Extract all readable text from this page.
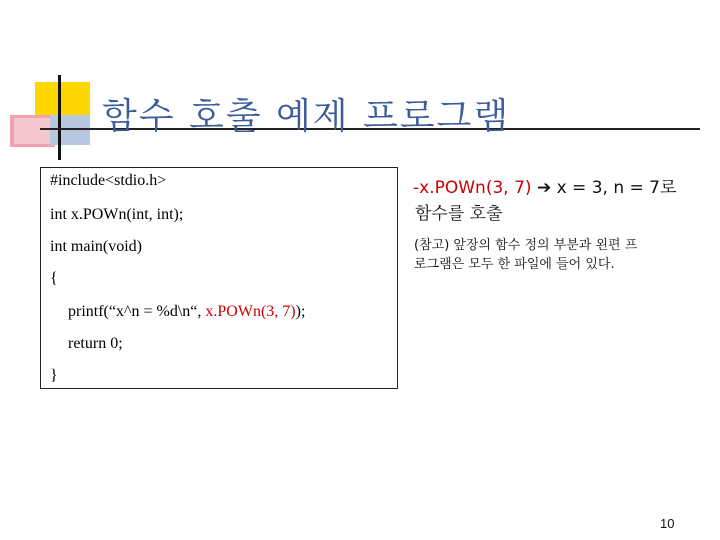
함수 호출 예제 프로그램
#include<stdio.h>
int x.POWn(int, int);
int main(void)
{
printf(“x^n = %d\n“, x.POWn(3, 7));
return 0;
}
-x.POWn(3, 7) ➔ x = 3, n = 7로
함수를 호출
(참고) 앞장의 함수 정의 부분과 왼편 프
로그램은 모두 한 파일에 들어 있다.
10
